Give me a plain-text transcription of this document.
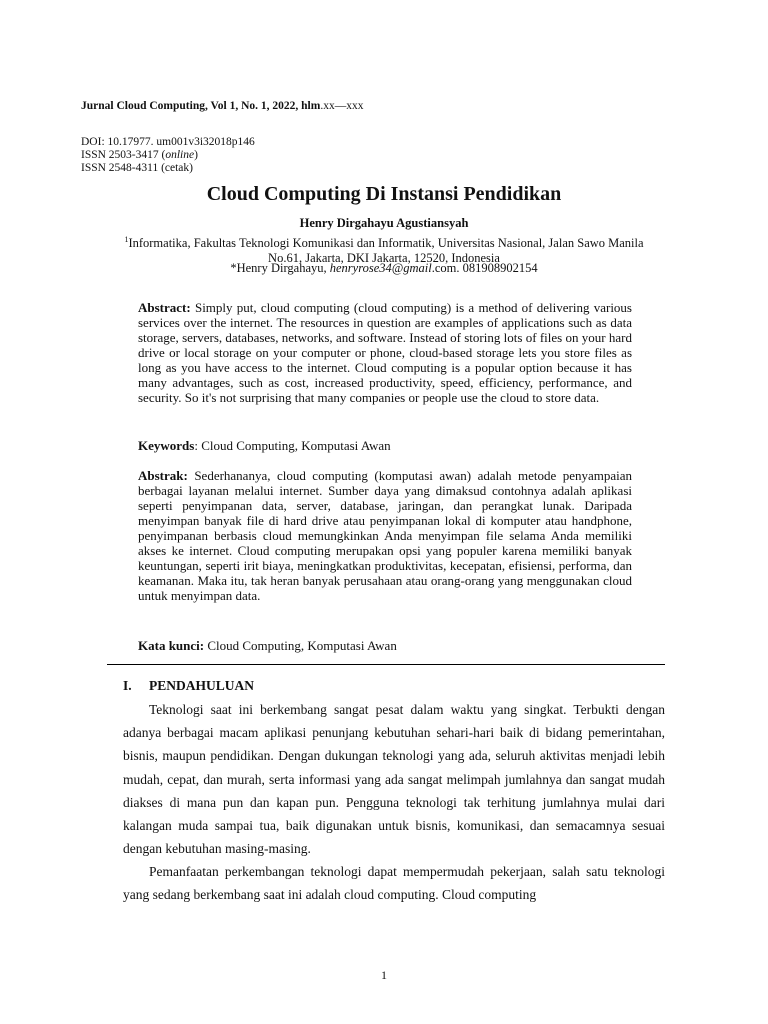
Jurnal Cloud Computing, Vol 1, No. 1, 2022, hlm.xx—xxx
DOI: 10.17977. um001v3i32018p146
ISSN 2503-3417 (online)
ISSN 2548-4311 (cetak)
Cloud Computing Di Instansi Pendidikan
Henry Dirgahayu Agustiansyah
$^1$Informatika, Fakultas Teknologi Komunikasi dan Informatik, Universitas Nasional, Jalan Sawo Manila No.61, Jakarta, DKI Jakarta, 12520, Indonesia
*Henry Dirgahayu, henryrose34@gmail.com. 081908902154
Abstract: Simply put, cloud computing (cloud computing) is a method of delivering various services over the internet. The resources in question are examples of applications such as data storage, servers, databases, networks, and software. Instead of storing lots of files on your hard drive or local storage on your computer or phone, cloud-based storage lets you store files as long as you have access to the internet. Cloud computing is a popular option because it has many advantages, such as cost, increased productivity, speed, efficiency, performance, and security. So it's not surprising that many companies or people use the cloud to store data.
Keywords: Cloud Computing, Komputasi Awan
Abstrak: Sederhananya, cloud computing (komputasi awan) adalah metode penyampaian berbagai layanan melalui internet. Sumber daya yang dimaksud contohnya adalah aplikasi seperti penyimpanan data, server, database, jaringan, dan perangkat lunak. Daripada menyimpan banyak file di hard drive atau penyimpanan lokal di komputer atau handphone, penyimpanan berbasis cloud memungkinkan Anda menyimpan file selama Anda memiliki akses ke internet. Cloud computing merupakan opsi yang populer karena memiliki banyak keuntungan, seperti irit biaya, meningkatkan produktivitas, kecepatan, efisiensi, performa, dan keamanan. Maka itu, tak heran banyak perusahaan atau orang-orang yang menggunakan cloud untuk menyimpan data.
Kata kunci: Cloud Computing, Komputasi Awan
I. PENDAHULUAN
Teknologi saat ini berkembang sangat pesat dalam waktu yang singkat. Terbukti dengan adanya berbagai macam aplikasi penunjang kebutuhan sehari-hari baik di bidang pemerintahan, bisnis, maupun pendidikan. Dengan dukungan teknologi yang ada, seluruh aktivitas menjadi lebih mudah, cepat, dan murah, serta informasi yang ada sangat melimpah jumlahnya dan sangat mudah diakses di mana pun dan kapan pun. Pengguna teknologi tak terhitung jumlahnya mulai dari kalangan muda sampai tua, baik digunakan untuk bisnis, komunikasi, dan semacamnya sesuai dengan kebutuhan masing-masing.
Pemanfaatan perkembangan teknologi dapat mempermudah pekerjaan, salah satu teknologi yang sedang berkembang saat ini adalah cloud computing. Cloud computing
1
